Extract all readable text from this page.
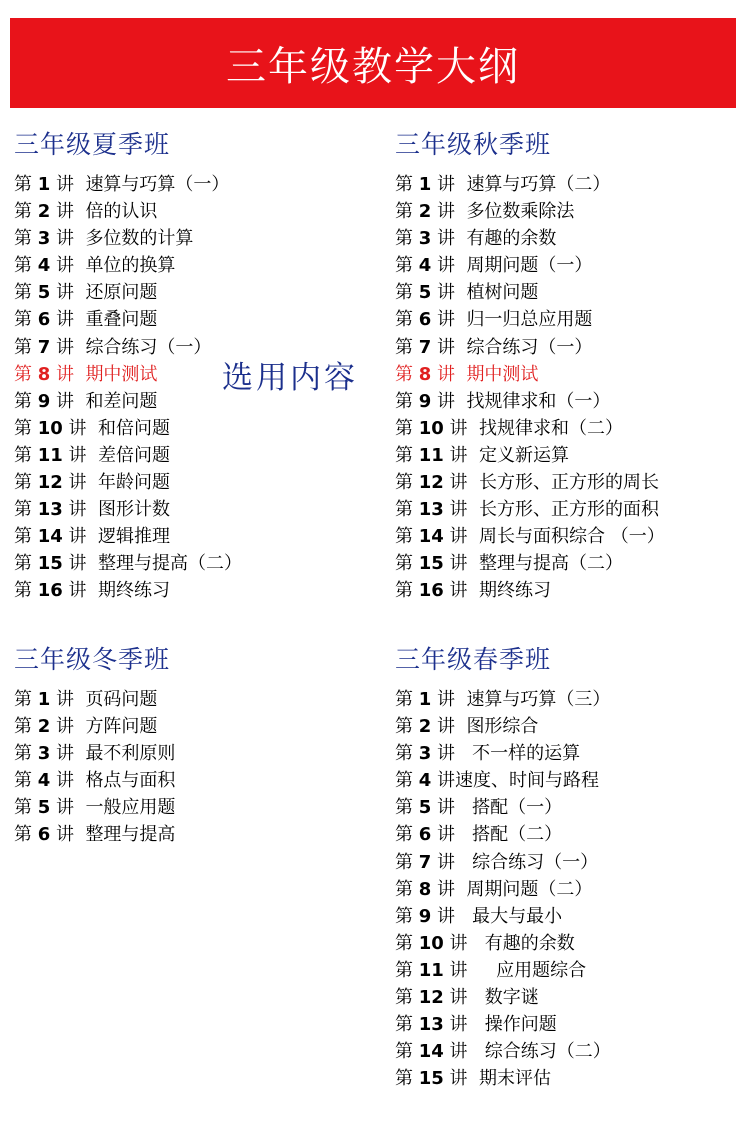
三年级教学大纲
三年级夏季班
第 1 讲  速算与巧算（一）
第 2 讲  倍的认识
第 3 讲  多位数的计算
第 4 讲  单位的换算
第 5 讲  还原问题
第 6 讲  重叠问题
第 7 讲  综合练习（一）
第 8 讲  期中测试
第 9 讲  和差问题
第 10 讲  和倍问题
第 11 讲  差倍问题
第 12 讲  年龄问题
第 13 讲  图形计数
第 14 讲  逻辑推理
第 15 讲  整理与提高（二）
第 16 讲  期终练习
三年级秋季班
第 1 讲  速算与巧算（二）
第 2 讲  多位数乘除法
第 3 讲  有趣的余数
第 4 讲  周期问题（一）
第 5 讲  植树问题
第 6 讲  归一归总应用题
第 7 讲  综合练习（一）
第 8 讲  期中测试
第 9 讲  找规律求和（一）
第 10 讲  找规律求和（二）
第 11 讲  定义新运算
第 12 讲  长方形、正方形的周长
第 13 讲  长方形、正方形的面积
第 14 讲  周长与面积综合 （一）
第 15 讲  整理与提高（二）
第 16 讲  期终练习
三年级冬季班
第 1 讲  页码问题
第 2 讲  方阵问题
第 3 讲  最不利原则
第 4 讲  格点与面积
第 5 讲  一般应用题
第 6 讲  整理与提高
三年级春季班
第 1 讲  速算与巧算（三）
第 2 讲  图形综合
第 3 讲   不一样的运算
第 4 讲速度、时间与路程
第 5 讲   搭配（一）
第 6 讲   搭配（二）
第 7 讲   综合练习（一）
第 8 讲  周期问题（二）
第 9 讲   最大与最小
第 10 讲   有趣的余数
第 11 讲     应用题综合
第 12 讲   数字谜
第 13 讲   操作问题
第 14 讲   综合练习（二）
第 15 讲  期末评估
选用内容
